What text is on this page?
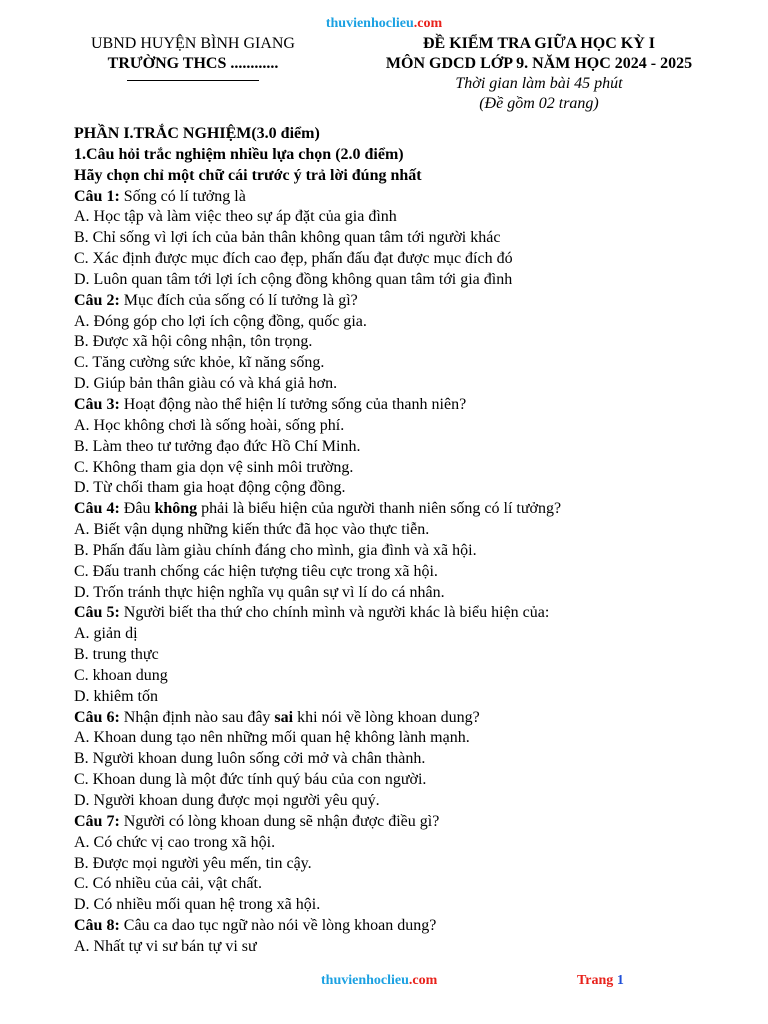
thuvienhoclieu.com
UBND HUYỆN BÌNH GIANG
TRƯỜNG THCS ............
ĐỀ KIỂM TRA GIỮA HỌC KỲ I
MÔN GDCD LỚP 9. NĂM HỌC 2024 - 2025
Thời gian làm bài 45 phút
(Đề gồm 02 trang)
PHẦN I.TRẮC NGHIỆM(3.0 điểm)
1.Câu hỏi trắc nghiệm nhiều lựa chọn (2.0 điểm)
Hãy chọn chỉ một chữ cái trước ý trả lời đúng nhất
Câu 1: Sống có lí tưởng là
A. Học tập và làm việc theo sự áp đặt của gia đình
B. Chỉ sống vì lợi ích của bản thân không quan tâm tới người khác
C. Xác định được mục đích cao đẹp, phấn đấu đạt được mục đích đó
D. Luôn quan tâm tới lợi ích cộng đồng không quan tâm tới gia đình
Câu 2: Mục đích của sống có lí tưởng là gì?
A. Đóng góp cho lợi ích cộng đồng, quốc gia.
B. Được xã hội công nhận, tôn trọng.
C. Tăng cường sức khỏe, kĩ năng sống.
D. Giúp bản thân giàu có và khá giả hơn.
Câu 3: Hoạt động nào thể hiện lí tưởng sống của thanh niên?
A. Học không chơi là sống hoài, sống phí.
B. Làm theo tư tưởng đạo đức Hồ Chí Minh.
C. Không tham gia dọn vệ sinh môi trường.
D. Từ chối tham gia hoạt động cộng đồng.
Câu 4: Đâu không phải là biểu hiện của người thanh niên sống có lí tưởng?
A. Biết vận dụng những kiến thức đã học vào thực tiễn.
B. Phấn đấu làm giàu chính đáng cho mình, gia đình và xã hội.
C. Đấu tranh chống các hiện tượng tiêu cực trong xã hội.
D. Trốn tránh thực hiện nghĩa vụ quân sự vì lí do cá nhân.
Câu 5: Người biết tha thứ cho chính mình và người khác là biểu hiện của:
A. giản dị
B. trung thực
C. khoan dung
D. khiêm tốn
Câu 6: Nhận định nào sau đây sai khi nói về lòng khoan dung?
A. Khoan dung tạo nên những mối quan hệ không lành mạnh.
B. Người khoan dung luôn sống cởi mở và chân thành.
C. Khoan dung là một đức tính quý báu của con người.
D. Người khoan dung được mọi người yêu quý.
Câu 7: Người có lòng khoan dung sẽ nhận được điều gì?
A. Có chức vị cao trong xã hội.
B. Được mọi người yêu mến, tin cậy.
C. Có nhiều của cải, vật chất.
D. Có nhiều mối quan hệ trong xã hội.
Câu 8: Câu ca dao tục ngữ nào nói về lòng khoan dung?
A. Nhất tự vi sư bán tự vi sư
thuvienhoclieu.com	Trang 1
